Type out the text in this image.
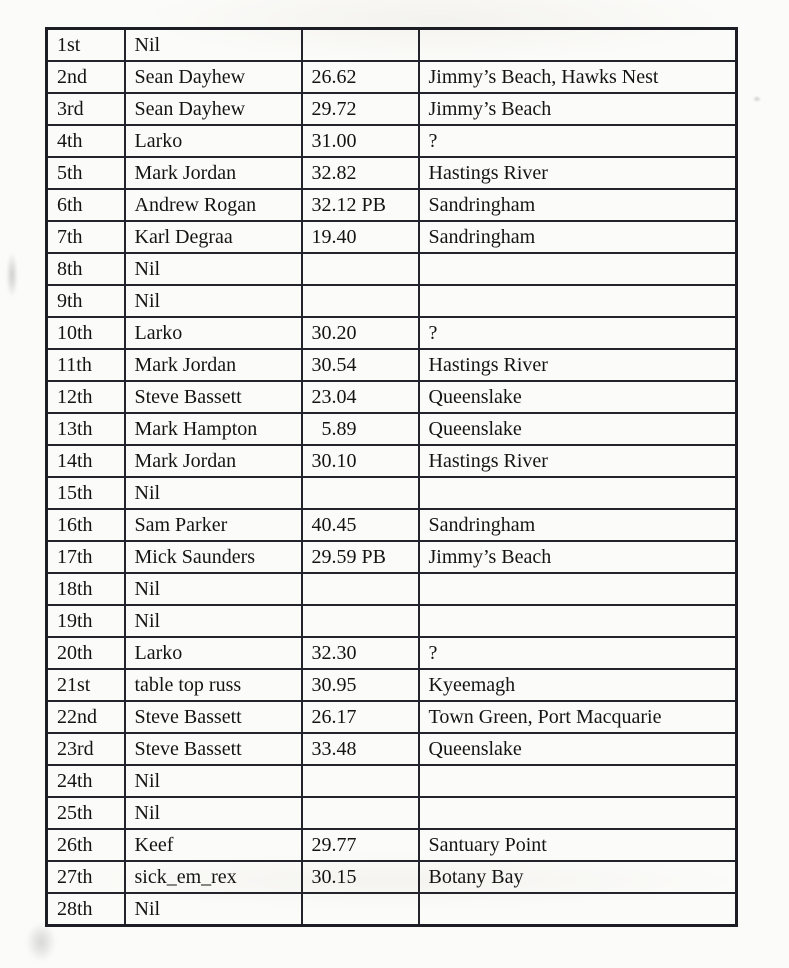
1st	Nil		
2nd	Sean Dayhew	26.62	Jimmy’s Beach, Hawks Nest
3rd	Sean Dayhew	29.72	Jimmy’s Beach
4th	Larko	31.00	?
5th	Mark Jordan	32.82	Hastings River
6th	Andrew Rogan	32.12 PB	Sandringham
7th	Karl Degraa	19.40	Sandringham
8th	Nil		
9th	Nil		
10th	Larko	30.20	?
11th	Mark Jordan	30.54	Hastings River
12th	Steve Bassett	23.04	Queenslake
13th	Mark Hampton	5.89	Queenslake
14th	Mark Jordan	30.10	Hastings River
15th	Nil		
16th	Sam Parker	40.45	Sandringham
17th	Mick Saunders	29.59 PB	Jimmy’s Beach
18th	Nil		
19th	Nil		
20th	Larko	32.30	?
21st	table top russ	30.95	Kyeemagh
22nd	Steve Bassett	26.17	Town Green, Port Macquarie
23rd	Steve Bassett	33.48	Queenslake
24th	Nil		
25th	Nil		
26th	Keef	29.77	Santuary Point
27th	sick_em_rex	30.15	Botany Bay
28th	Nil		
